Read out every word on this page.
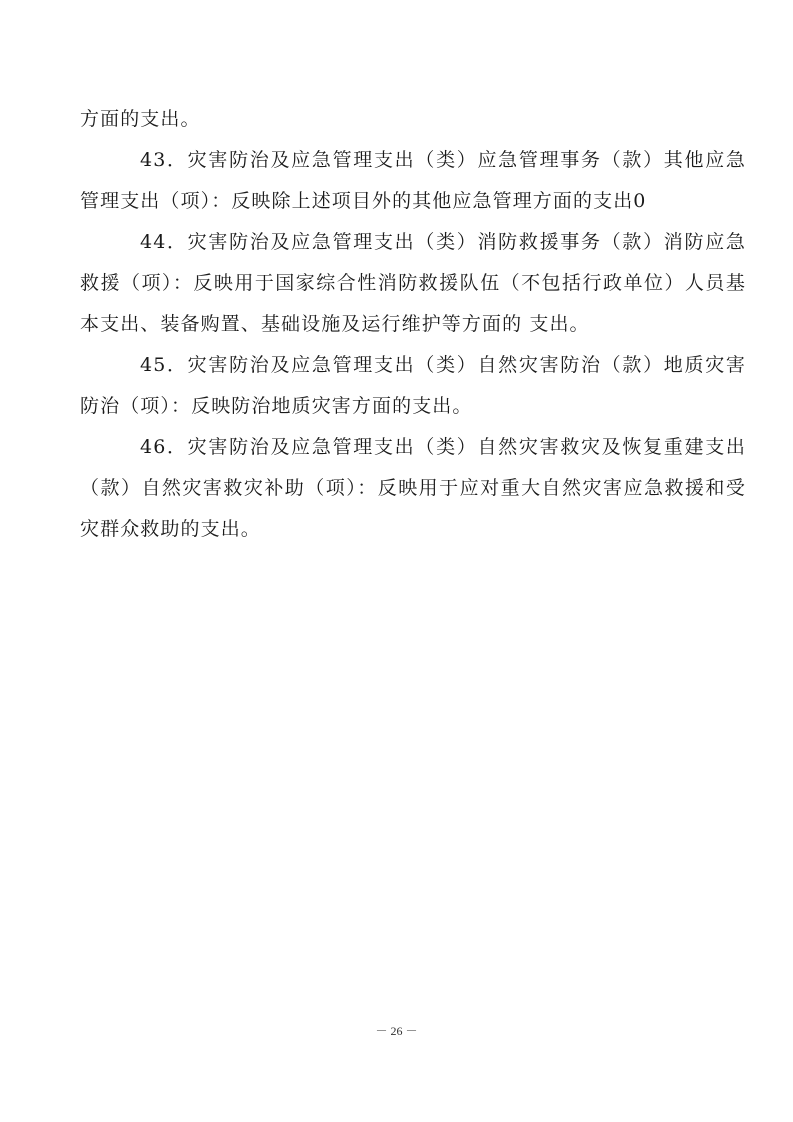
方面的支出。

43．灾害防治及应急管理支出（类）应急管理事务（款）其他应急管理支出（项）：反映除上述项目外的其他应急管理方面的支出0

44．灾害防治及应急管理支出（类）消防救援事务（款）消防应急救援（项）：反映用于国家综合性消防救援队伍（不包括行政单位）人员基本支出、装备购置、基础设施及运行维护等方面的 支出。

45．灾害防治及应急管理支出（类）自然灾害防治（款）地质灾害防治（项）：反映防治地质灾害方面的支出。

46．灾害防治及应急管理支出（类）自然灾害救灾及恢复重建支出（款）自然灾害救灾补助（项）：反映用于应对重大自然灾害应急救援和受灾群众救助的支出。

－ 26 －
